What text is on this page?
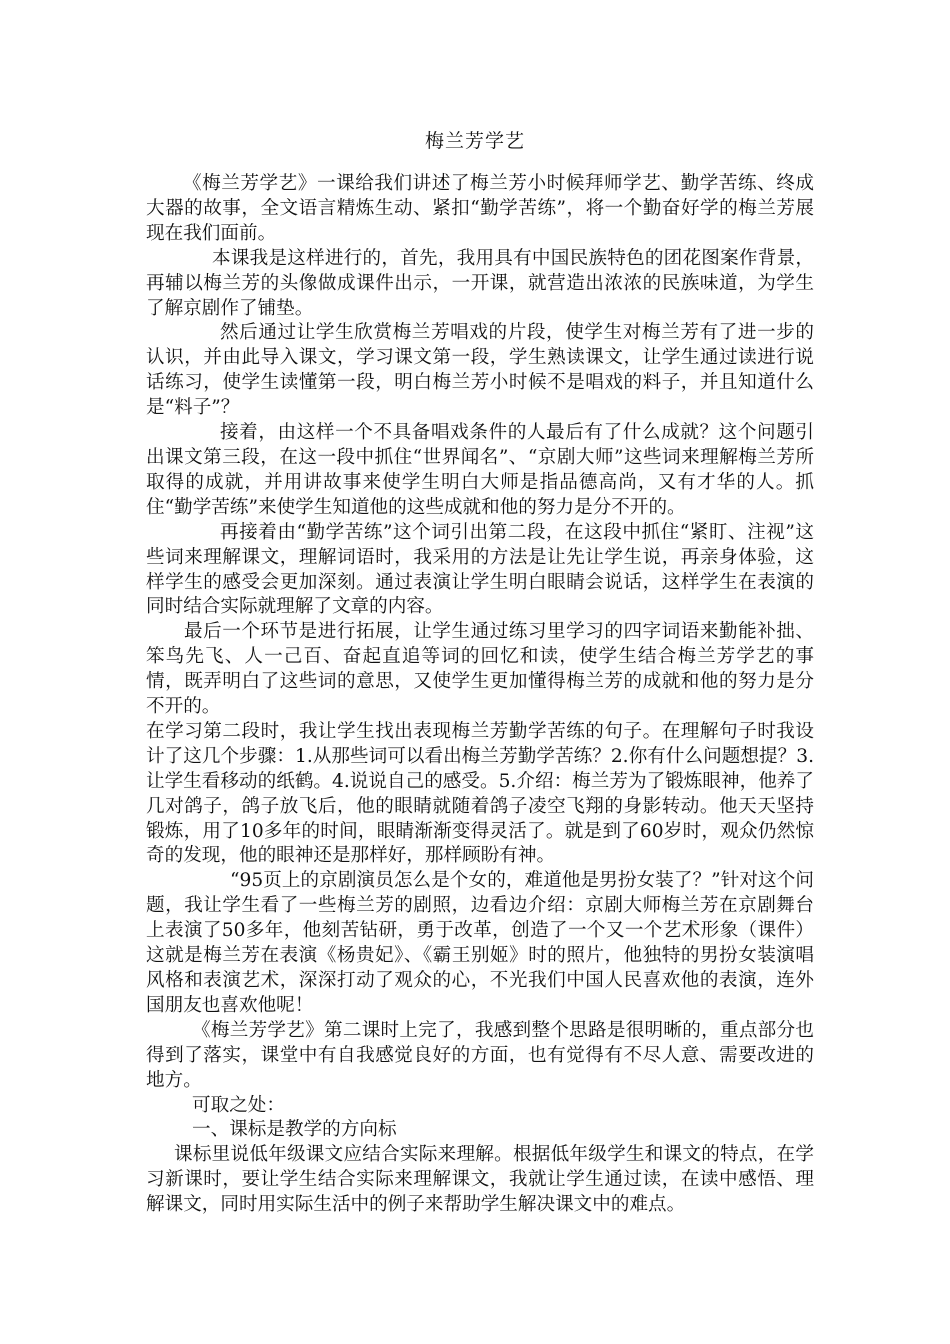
梅兰芳学艺

《梅兰芳学艺》一课给我们讲述了梅兰芳小时候拜师学艺、勤学苦练、终成大器的故事，全文语言精炼生动、紧扣“勤学苦练”，将一个勤奋好学的梅兰芳展现在我们面前。

本课我是这样进行的，首先，我用具有中国民族特色的团花图案作背景，再辅以梅兰芳的头像做成课件出示，一开课，就营造出浓浓的民族味道，为学生了解京剧作了铺垫。

然后通过让学生欣赏梅兰芳唱戏的片段，使学生对梅兰芳有了进一步的认识，并由此导入课文，学习课文第一段，学生熟读课文，让学生通过读进行说话练习，使学生读懂第一段，明白梅兰芳小时候不是唱戏的料子，并且知道什么是“料子”？

接着，由这样一个不具备唱戏条件的人最后有了什么成就？这个问题引出课文第三段，在这一段中抓住“世界闻名”、“京剧大师”这些词来理解梅兰芳所取得的成就，并用讲故事来使学生明白大师是指品德高尚，又有才华的人。抓住“勤学苦练”来使学生知道他的这些成就和他的努力是分不开的。

再接着由“勤学苦练”这个词引出第二段，在这段中抓住“紧盯、注视”这些词来理解课文，理解词语时，我采用的方法是让先让学生说，再亲身体验，这样学生的感受会更加深刻。通过表演让学生明白眼睛会说话，这样学生在表演的同时结合实际就理解了文章的内容。

最后一个环节是进行拓展，让学生通过练习里学习的四字词语来勤能补拙、笨鸟先飞、人一己百、奋起直追等词的回忆和读，使学生结合梅兰芳学艺的事情，既弄明白了这些词的意思，又使学生更加懂得梅兰芳的成就和他的努力是分不开的。

在学习第二段时，我让学生找出表现梅兰芳勤学苦练的句子。在理解句子时我设计了这几个步骤：1.从那些词可以看出梅兰芳勤学苦练？2.你有什么问题想提？3.让学生看移动的纸鹤。4.说说自己的感受。5.介绍：梅兰芳为了锻炼眼神，他养了几对鸽子，鸽子放飞后，他的眼睛就随着鸽子凌空飞翔的身影转动。他天天坚持锻炼，用了10多年的时间，眼睛渐渐变得灵活了。就是到了60岁时，观众仍然惊奇的发现，他的眼神还是那样好，那样顾盼有神。

“95页上的京剧演员怎么是个女的，难道他是男扮女装了？”针对这个问题，我让学生看了一些梅兰芳的剧照，边看边介绍：京剧大师梅兰芳在京剧舞台上表演了50多年，他刻苦钻研，勇于改革，创造了一个又一个艺术形象（课件）这就是梅兰芳在表演《杨贵妃》、《霸王别姬》时的照片，他独特的男扮女装演唱风格和表演艺术，深深打动了观众的心，不光我们中国人民喜欢他的表演，连外国朋友也喜欢他呢！

《梅兰芳学艺》第二课时上完了，我感到整个思路是很明晰的，重点部分也得到了落实，课堂中有自我感觉良好的方面，也有觉得有不尽人意、需要改进的地方。

可取之处：

一、课标是教学的方向标

课标里说低年级课文应结合实际来理解。根据低年级学生和课文的特点，在学习新课时，要让学生结合实际来理解课文，我就让学生通过读，在读中感悟、理解课文，同时用实际生活中的例子来帮助学生解决课文中的难点。
